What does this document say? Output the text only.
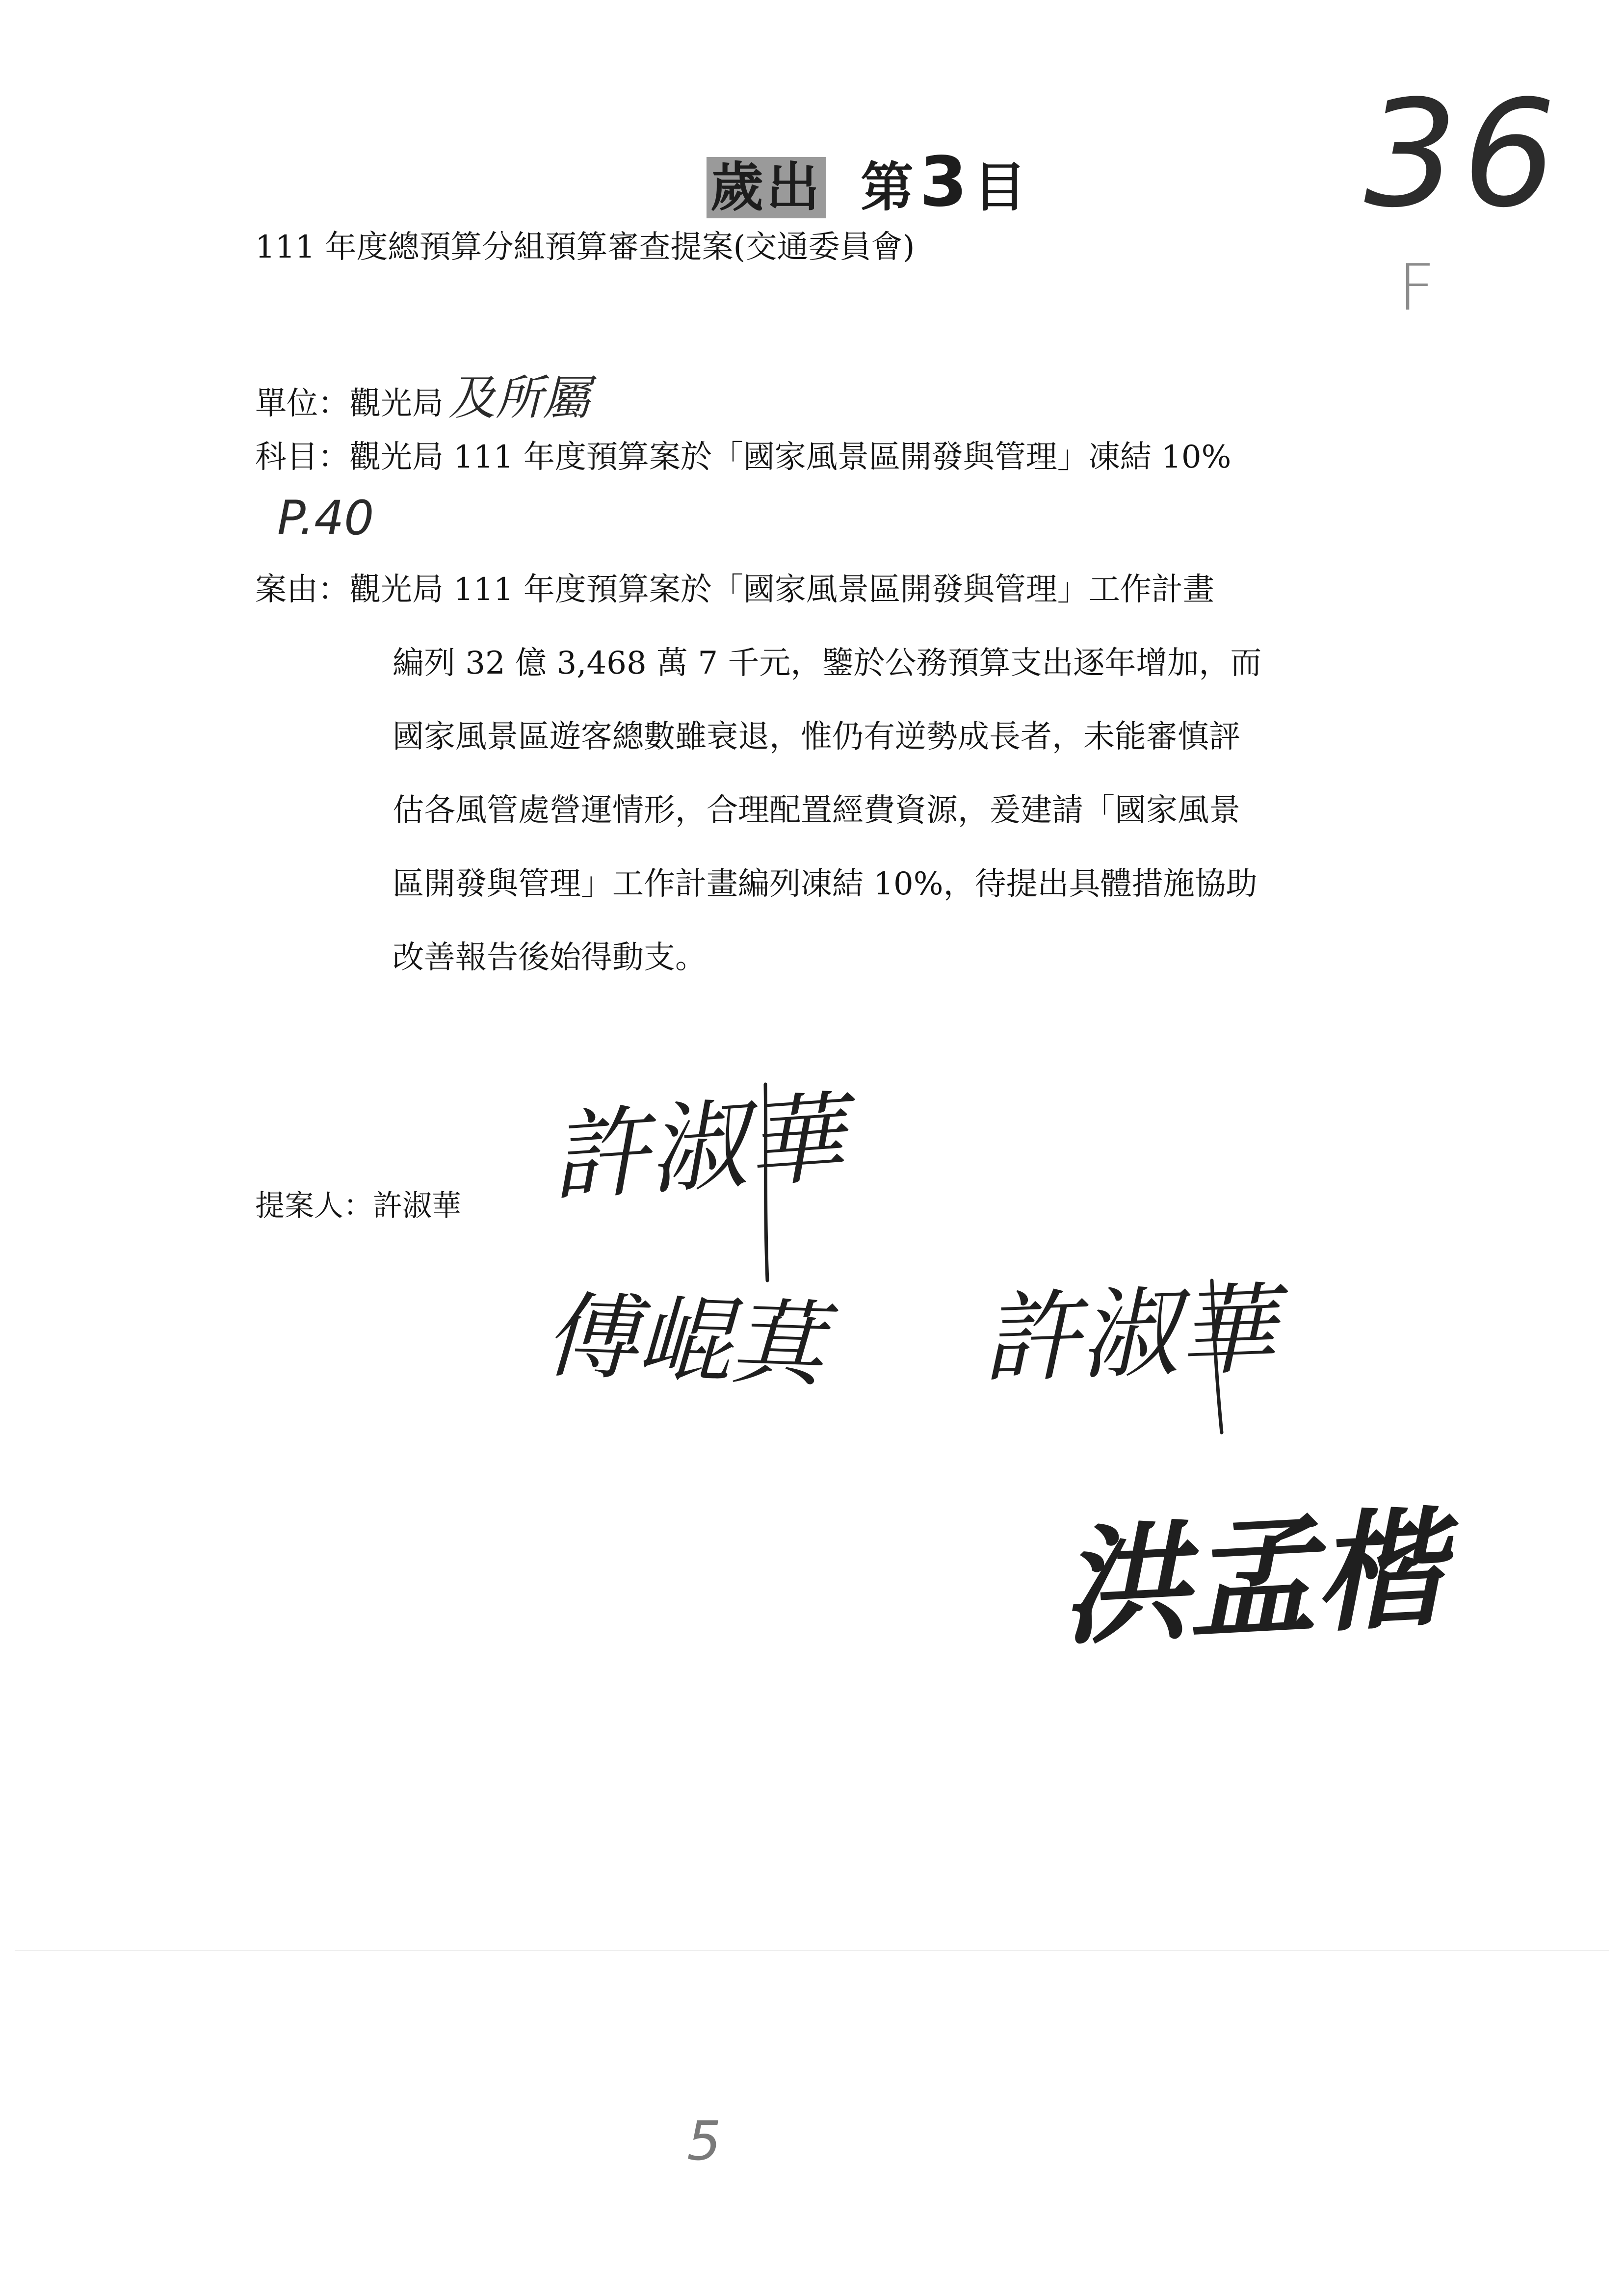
歲出 第3目 36
F
111 年度總預算分組預算審查提案(交通委員會)
單位：觀光局 及所屬
科目：觀光局 111 年度預算案於「國家風景區開發與管理」凍結 10%
P.40
案由： 觀光局 111 年度預算案於「國家風景區開發與管理」工作計畫
編列 32 億 3,468 萬 7 千元，鑒於公務預算支出逐年增加，而
國家風景區遊客總數雖衰退，惟仍有逆勢成長者，未能審慎評
估各風管處營運情形，合理配置經費資源，爰建請「國家風景
區開發與管理」工作計畫編列凍結 10%，待提出具體措施協助
改善報告後始得動支。
提案人：許淑華 許淑華
傅崐萁 許淑華
洪孟楷
5
